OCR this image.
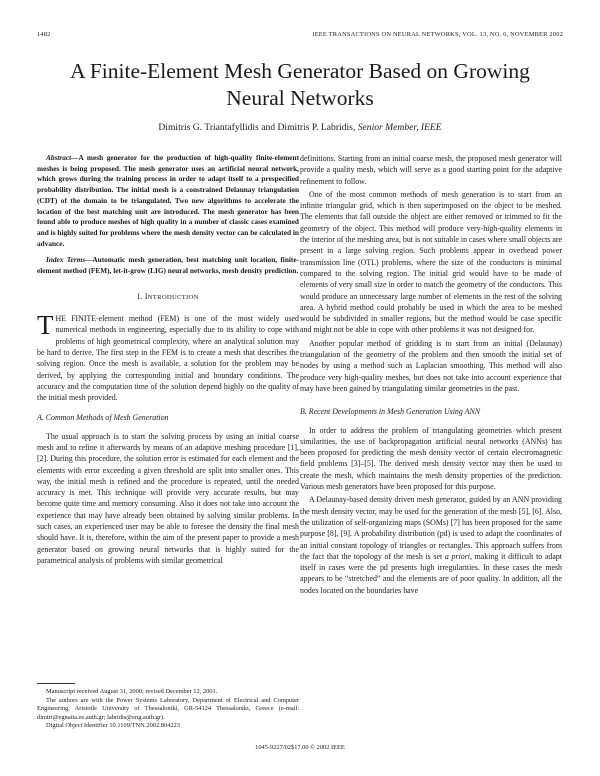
1482	IEEE TRANSACTIONS ON NEURAL NETWORKS, VOL. 13, NO. 6, NOVEMBER 2002
A Finite-Element Mesh Generator Based on Growing
Neural Networks
Dimitris G. Triantafyllidis and Dimitris P. Labridis, Senior Member, IEEE

Abstract—A mesh generator for the production of high-quality finite-element meshes is being proposed. The mesh generator uses an artificial neural network, which grows during the training process in order to adapt itself to a prespecified probability distribution. The initial mesh is a constrained Delaunay triangulation (CDT) of the domain to be triangulated. Two new algorithms to accelerate the location of the best matching unit are introduced. The mesh generator has been found able to produce meshes of high quality in a number of classic cases examined and is highly suited for problems where the mesh density vector can be calculated in advance.

Index Terms—Automatic mesh generation, best matching unit location, finite-element method (FEM), let-it-grow (LIG) neural networks, mesh density prediction.

I. INTRODUCTION

THE FINITE-element method (FEM) is one of the most widely used numerical methods in engineering, especially due to its ability to cope with problems of high geometrical complexity, where an analytical solution may be hard to derive. The first step in the FEM is to create a mesh that describes the solving region. Once the mesh is available, a solution for the problem may be derived, by applying the corresponding initial and boundary conditions. The accuracy and the computation time of the solution depend highly on the quality of the initial mesh provided.

A. Common Methods of Mesh Generation

The usual approach is to start the solving process by using an initial coarse mesh and to refine it afterwards by means of an adaptive meshing procedure [1], [2]. During this procedure, the solution error is estimated for each element and the elements with error exceeding a given threshold are split into smaller ones. This way, the initial mesh is refined and the procedure is repeated, until the needed accuracy is met. This technique will provide very accurate results, but may become quite time and memory consuming. Also it does not take into account the experience that may have already been obtained by solving similar problems. In such cases, an experienced user may be able to foresee the density the final mesh should have. It is, therefore, within the aim of the present paper to provide a mesh generator based on growing neural networks that is highly suited for the parametrical analysis of problems with similar geometrical

definitions. Starting from an initial coarse mesh, the proposed mesh generator will provide a quality mesh, which will serve as a good starting point for the adaptive refinement to follow.

One of the most common methods of mesh generation is to start from an infinite triangular grid, which is then superimposed on the object to be meshed. The elements that fall outside the object are either removed or trimmed to fit the geometry of the object. This method will produce very-high-quality elements in the interior of the meshing area, but is not suitable in cases where small objects are present in a large solving region. Such problems appear in overhead power transmission line (OTL) problems, where the size of the conductors is minimal compared to the solving region. The initial grid would have to be made of elements of very small size in order to match the geometry of the conductors. This would produce an unnecessary large number of elements in the rest of the solving area. A hybrid method could probably be used in which the area to be meshed would be subdivided in smaller regions, but the method would be case specific and might not be able to cope with other problems it was not designed for.

Another popular method of gridding is to start from an initial (Delaunay) triangulation of the geometry of the problem and then smooth the initial set of nodes by using a method such as Laplacian smoothing. This method will also produce very high-quality meshes, but does not take into account experience that may have been gained by triangulating similar geometries in the past.

B. Recent Developments in Mesh Generation Using ANN

In order to address the problem of triangulating geometries which present similarities, the use of backpropagation artificial neural networks (ANNs) has been proposed for predicting the mesh density vector of certain electromagnetic field problems [3]–[5]. The derived mesh density vector may then be used to create the mesh, which maintains the mesh density properties of the prediction. Various mesh generators have been proposed for this purpose.

A Delaunay-based density driven mesh generator, guided by an ANN providing the mesh density vector, may be used for the generation of the mesh [5], [6]. Also, the utilization of self-organizing maps (SOMs) [7] has been proposed for the same purpose [8], [9]. A probability distribution (pd) is used to adapt the coordinates of an initial constant topology of triangles or rectangles. This approach suffers from the fact that the topology of the mesh is set a priori, making it difficult to adapt itself in cases were the pd presents high irregularities. In these cases the mesh appears to be “stretched” and the elements are of poor quality. In addition, all the nodes located on the boundaries have

Manuscript received August 31, 2000; revised December 12, 2001.

The authors are with the Power Systems Laboratory, Department of Electrical and Computer Engineering, Aristotle University of Thessaloniki, GR-54124 Thessaloniki, Greece (e-mail: dimtri@egnatia.ee.auth.gr; labridis@eng.auth.gr).

Digital Object Identifier 10.1109/TNN.2002.804223

1045-9227/02$17.00 © 2002 IEEE
